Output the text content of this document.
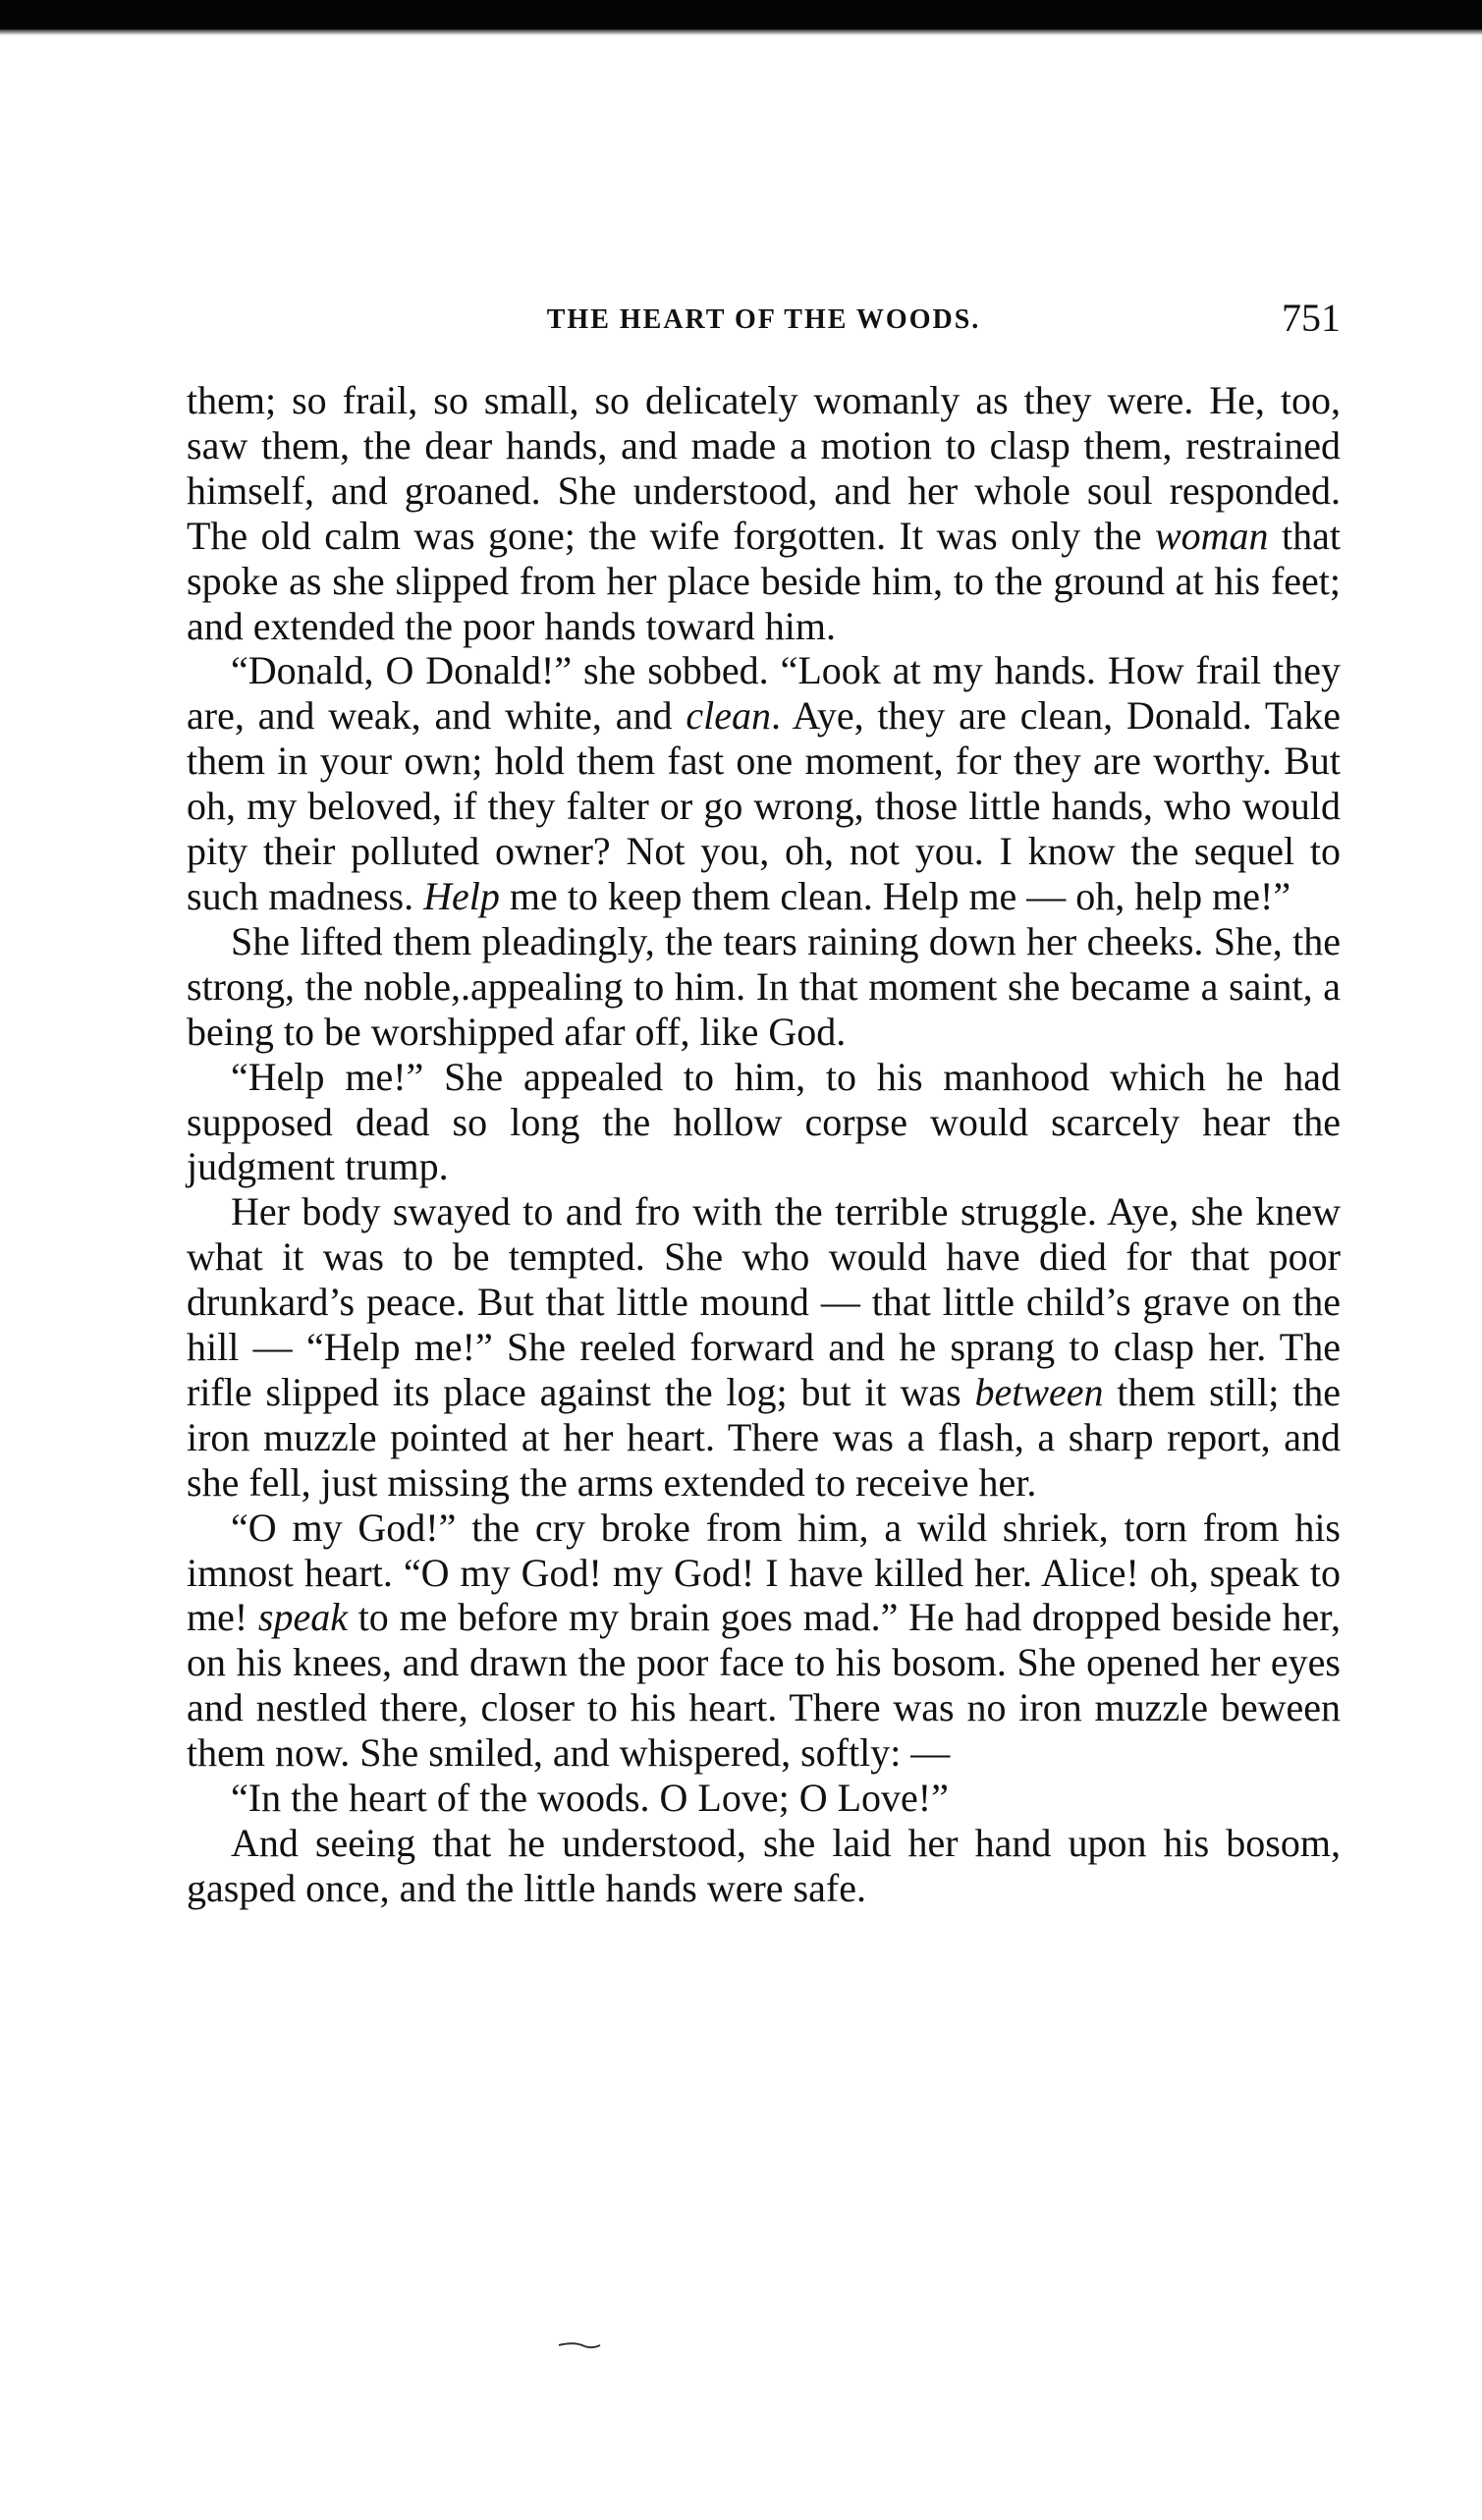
THE HEART OF THE WOODS.	751

them; so frail, so small, so delicately womanly as they were. He, too, saw them, the dear hands, and made a motion to clasp them, restrained himself, and groaned. She understood, and her whole soul responded. The old calm was gone; the wife forgotten. It was only the woman that spoke as she slipped from her place beside him, to the ground at his feet; and extended the poor hands toward him.

“Donald, O Donald!” she sobbed. “Look at my hands. How frail they are, and weak, and white, and clean. Aye, they are clean, Donald. Take them in your own; hold them fast one moment, for they are worthy. But oh, my beloved, if they falter or go wrong, those little hands, who would pity their polluted owner? Not you, oh, not you. I know the sequel to such madness. Help me to keep them clean. Help me — oh, help me!”

She lifted them pleadingly, the tears raining down her cheeks. She, the strong, the noble,.appealing to him. In that moment she became a saint, a being to be worshipped afar off, like God.

“Help me!” She appealed to him, to his manhood which he had supposed dead so long the hollow corpse would scarcely hear the judgment trump.

Her body swayed to and fro with the terrible struggle. Aye, she knew what it was to be tempted. She who would have died for that poor drunkard’s peace. But that little mound — that little child’s grave on the hill — “Help me!” She reeled forward and he sprang to clasp her. The rifle slipped its place against the log; but it was between them still; the iron muzzle pointed at her heart. There was a flash, a sharp report, and she fell, just missing the arms extended to receive her.

“O my God!” the cry broke from him, a wild shriek, torn from his imnost heart. “O my God! my God! I have killed her. Alice! oh, speak to me! speak to me before my brain goes mad.” He had dropped beside her, on his knees, and drawn the poor face to his bosom. She opened her eyes and nestled there, closer to his heart. There was no iron muzzle beween them now. She smiled, and whispered, softly: —

“In the heart of the woods. O Love; O Love!”

And seeing that he understood, she laid her hand upon his bosom, gasped once, and the little hands were safe.
